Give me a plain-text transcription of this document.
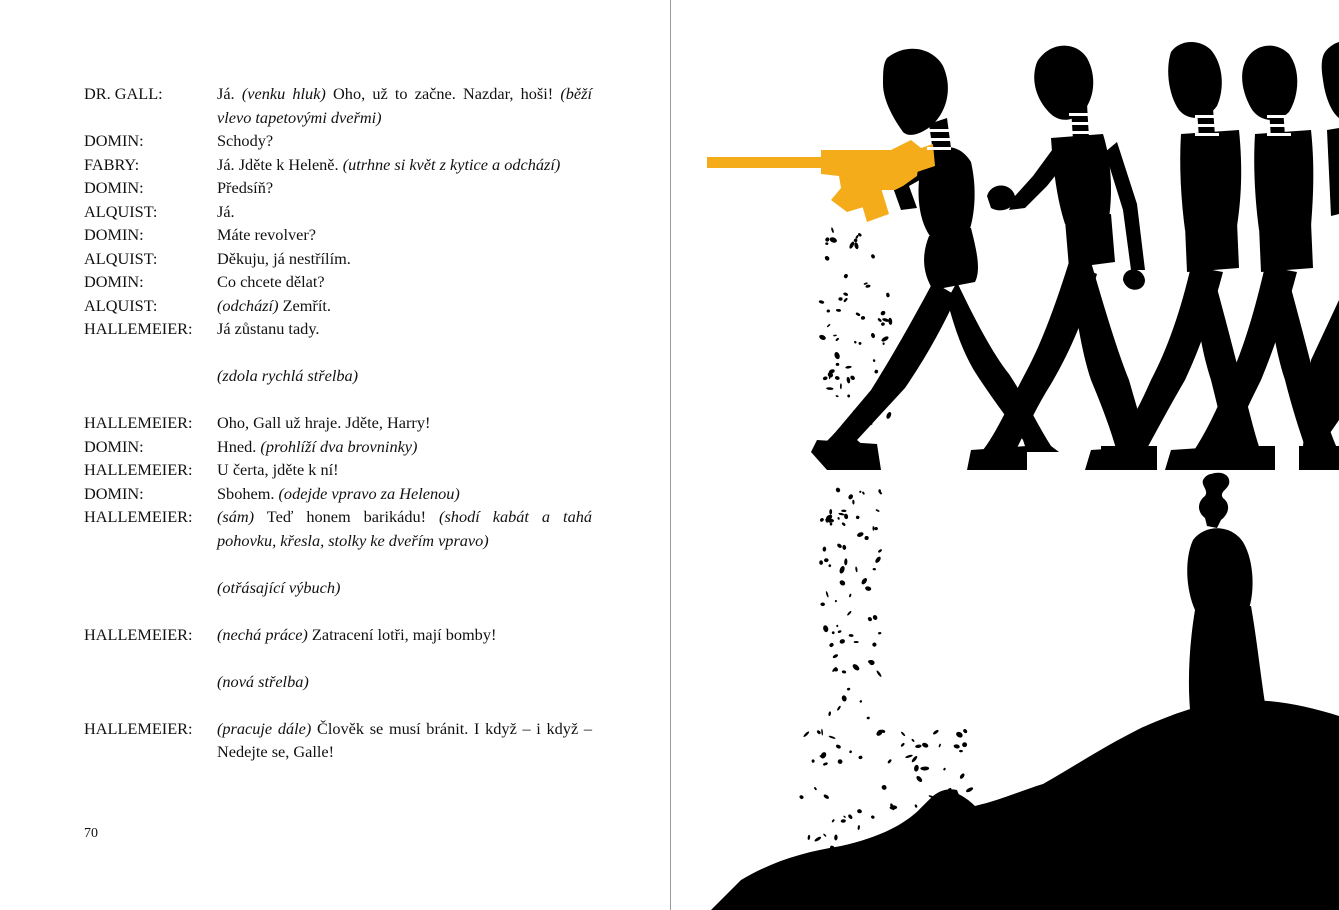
DR. GALL:	Já. (venku hluk) Oho, už to začne. Nazdar, hoši! (běží vlevo tapetovými dveřmi)
DOMIN:	Schody?
FABRY:	Já. Jděte k Heleně. (utrhne si květ z kytice a odchází)
DOMIN:	Předsíň?
ALQUIST:	Já.
DOMIN:	Máte revolver?
ALQUIST:	Děkuju, já nestřílím.
DOMIN:	Co chcete dělat?
ALQUIST:	(odchází) Zemřít.
HALLEMEIER:	Já zůstanu tady.
(zdola rychlá střelba)
HALLEMEIER:	Oho, Gall už hraje. Jděte, Harry!
DOMIN:	Hned. (prohlíží dva brovninky)
HALLEMEIER:	U čerta, jděte k ní!
DOMIN:	Sbohem. (odejde vpravo za Helenou)
HALLEMEIER:	(sám) Teď honem barikádu! (shodí kabát a tahá pohovku, křesla, stolky ke dveřím vpravo)
(otřásající výbuch)
HALLEMEIER:	(nechá práce) Zatracení lotři, mají bomby!
(nová střelba)
HALLEMEIER:	(pracuje dále) Člověk se musí bránit. I když – i když – Nedejte se, Galle!
70
